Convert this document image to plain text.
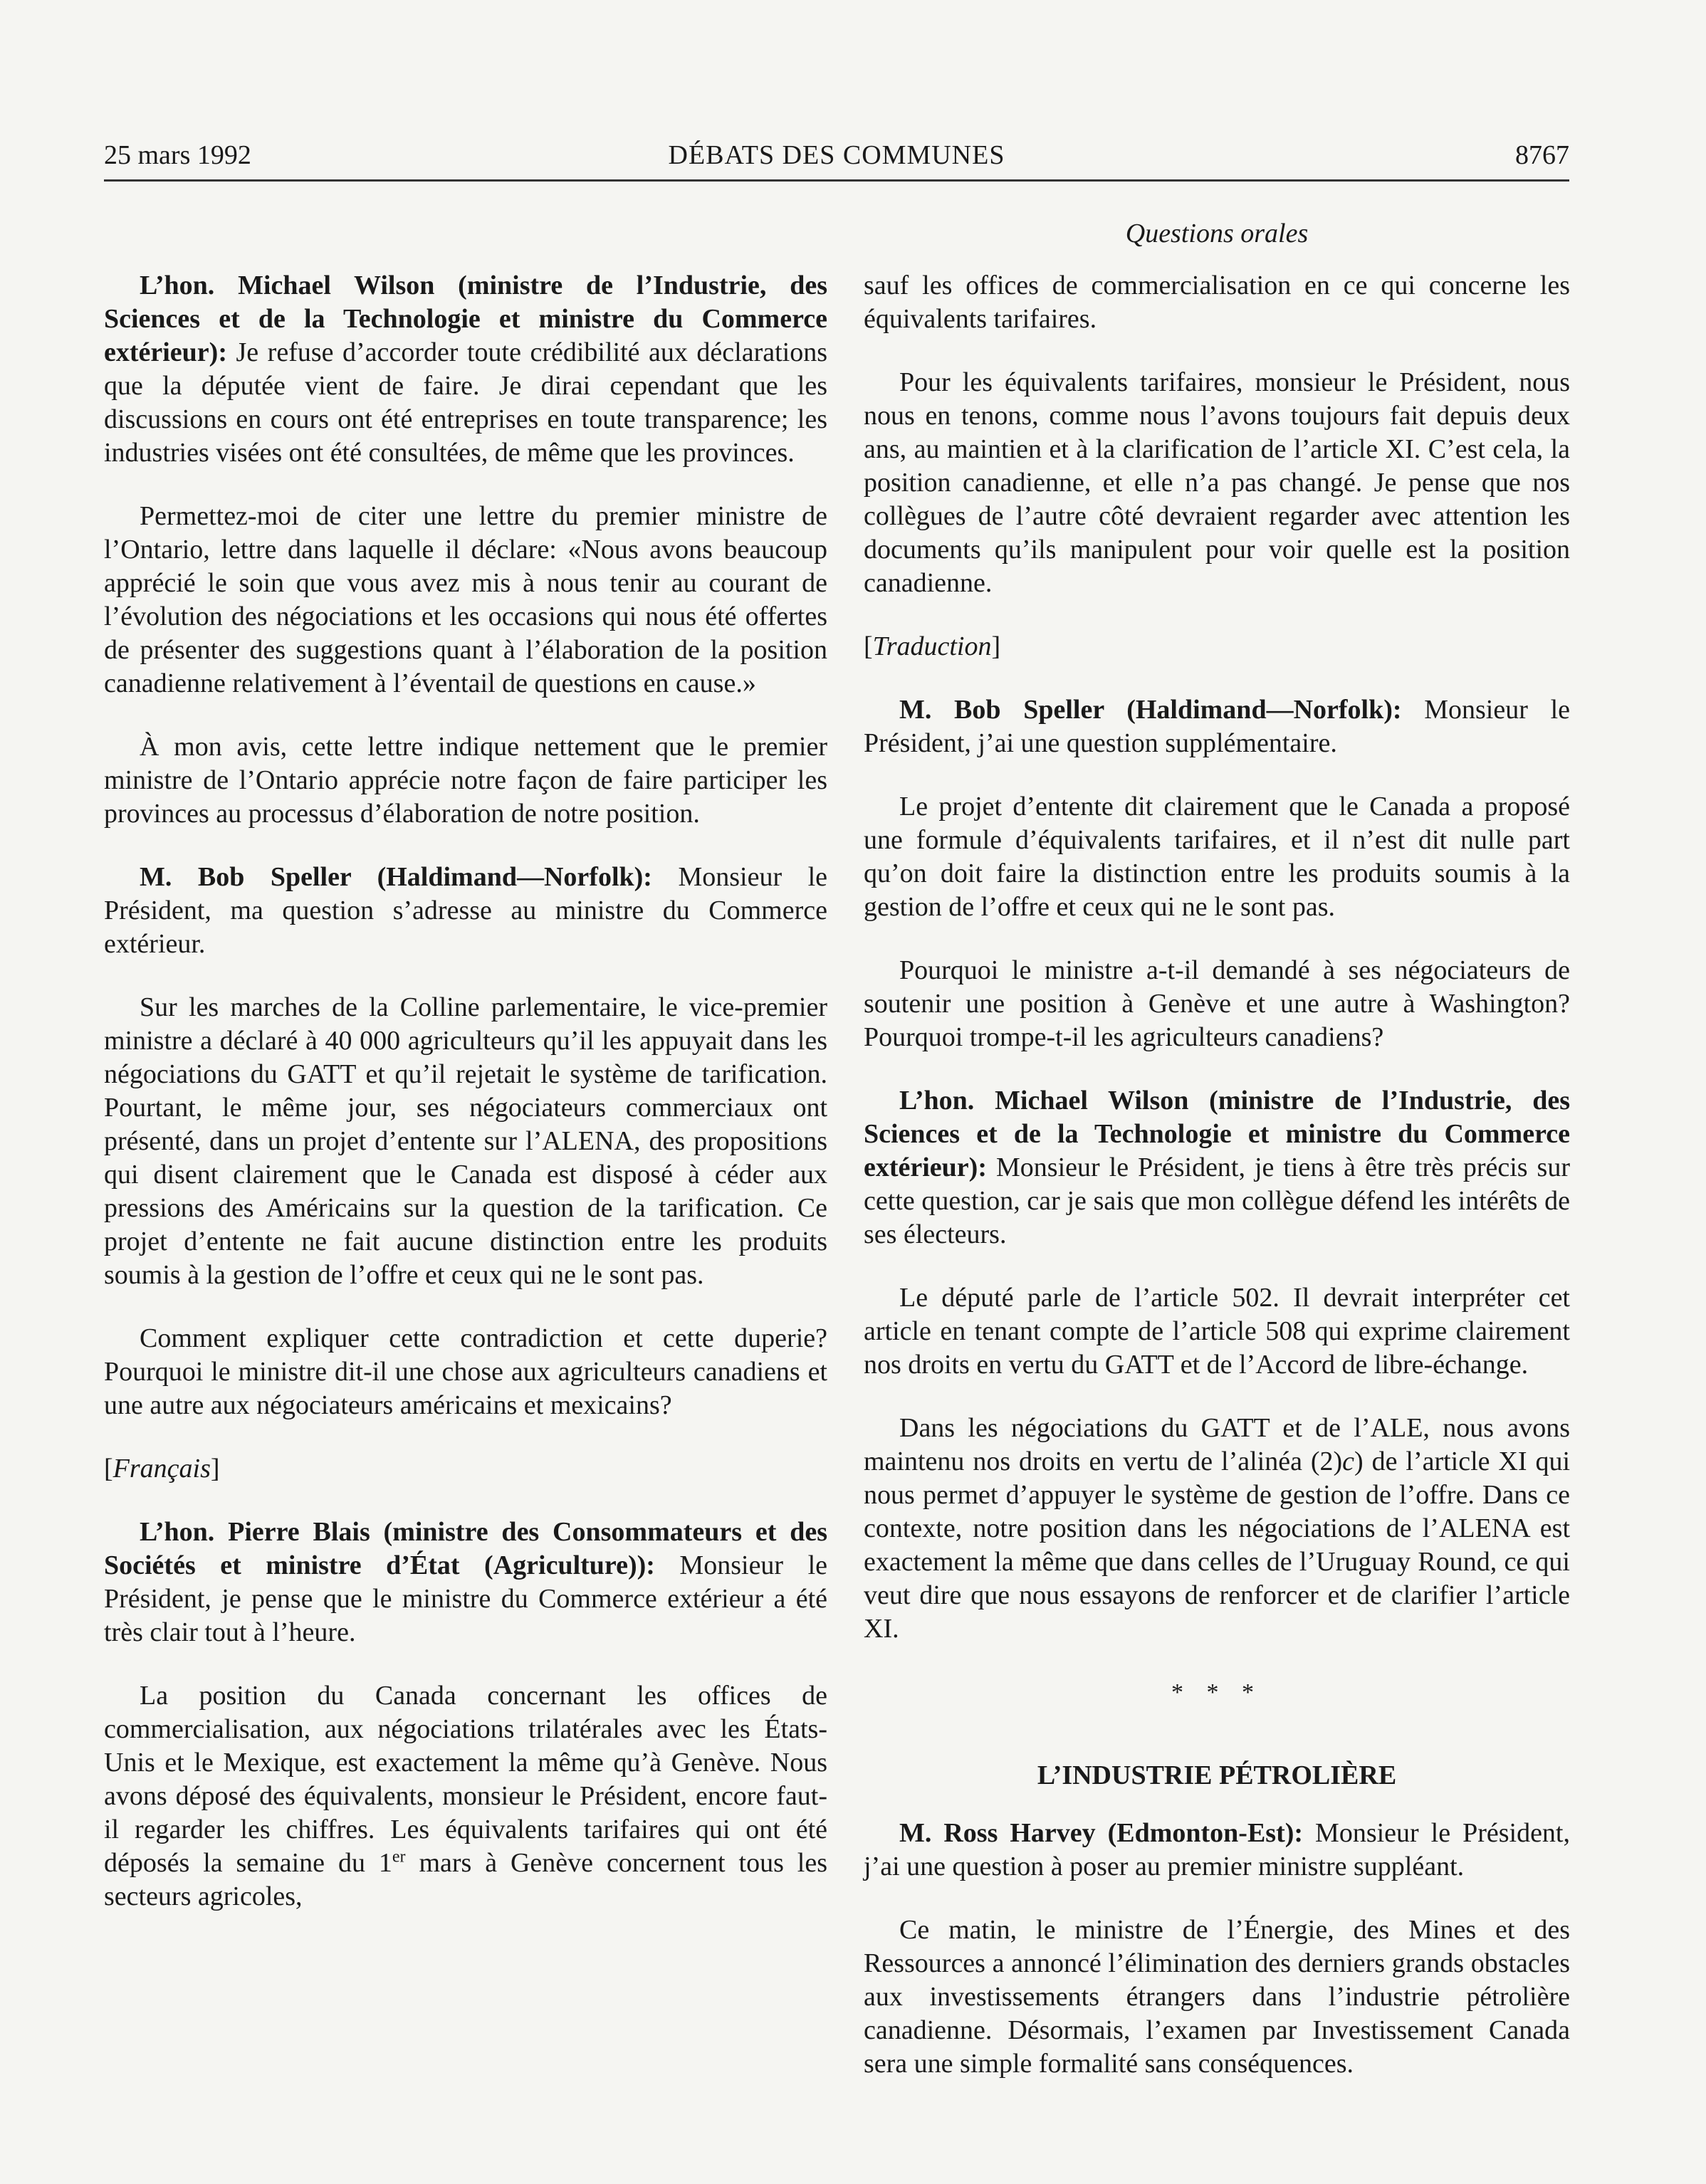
25 mars 1992	DÉBATS DES COMMUNES	8767
Questions orales

L’hon. Michael Wilson (ministre de l’Industrie, des Sciences et de la Technologie et ministre du Commerce extérieur): Je refuse d’accorder toute crédibilité aux déclarations que la députée vient de faire. Je dirai cependant que les discussions en cours ont été entreprises en toute transparence; les industries visées ont été consultées, de même que les provinces.

Permettez-moi de citer une lettre du premier ministre de l’Ontario, lettre dans laquelle il déclare: «Nous avons beaucoup apprécié le soin que vous avez mis à nous tenir au courant de l’évolution des négociations et les occasions qui nous été offertes de présenter des suggestions quant à l’élaboration de la position canadienne relativement à l’éventail de questions en cause.»

À mon avis, cette lettre indique nettement que le premier ministre de l’Ontario apprécie notre façon de faire participer les provinces au processus d’élaboration de notre position.

M. Bob Speller (Haldimand—Norfolk): Monsieur le Président, ma question s’adresse au ministre du Commerce extérieur.

Sur les marches de la Colline parlementaire, le vice-premier ministre a déclaré à 40 000 agriculteurs qu’il les appuyait dans les négociations du GATT et qu’il rejetait le système de tarification. Pourtant, le même jour, ses négociateurs commerciaux ont présenté, dans un projet d’entente sur l’ALENA, des propositions qui disent clairement que le Canada est disposé à céder aux pressions des Américains sur la question de la tarification. Ce projet d’entente ne fait aucune distinction entre les produits soumis à la gestion de l’offre et ceux qui ne le sont pas.

Comment expliquer cette contradiction et cette duperie? Pourquoi le ministre dit-il une chose aux agriculteurs canadiens et une autre aux négociateurs américains et mexicains?

[Français]

L’hon. Pierre Blais (ministre des Consommateurs et des Sociétés et ministre d’État (Agriculture)): Monsieur le Président, je pense que le ministre du Commerce extérieur a été très clair tout à l’heure.

La position du Canada concernant les offices de commercialisation, aux négociations trilatérales avec les États-Unis et le Mexique, est exactement la même qu’à Genève. Nous avons déposé des équivalents, monsieur le Président, encore faut-il regarder les chiffres. Les équivalents tarifaires qui ont été déposés la semaine du 1er mars à Genève concernent tous les secteurs agricoles,

sauf les offices de commercialisation en ce qui concerne les équivalents tarifaires.

Pour les équivalents tarifaires, monsieur le Président, nous nous en tenons, comme nous l’avons toujours fait depuis deux ans, au maintien et à la clarification de l’article XI. C’est cela, la position canadienne, et elle n’a pas changé. Je pense que nos collègues de l’autre côté devraient regarder avec attention les documents qu’ils manipulent pour voir quelle est la position canadienne.

[Traduction]

M. Bob Speller (Haldimand—Norfolk): Monsieur le Président, j’ai une question supplémentaire.

Le projet d’entente dit clairement que le Canada a proposé une formule d’équivalents tarifaires, et il n’est dit nulle part qu’on doit faire la distinction entre les produits soumis à la gestion de l’offre et ceux qui ne le sont pas.

Pourquoi le ministre a-t-il demandé à ses négociateurs de soutenir une position à Genève et une autre à Washington? Pourquoi trompe-t-il les agriculteurs canadiens?

L’hon. Michael Wilson (ministre de l’Industrie, des Sciences et de la Technologie et ministre du Commerce extérieur): Monsieur le Président, je tiens à être très précis sur cette question, car je sais que mon collègue défend les intérêts de ses électeurs.

Le député parle de l’article 502. Il devrait interpréter cet article en tenant compte de l’article 508 qui exprime clairement nos droits en vertu du GATT et de l’Accord de libre-échange.

Dans les négociations du GATT et de l’ALE, nous avons maintenu nos droits en vertu de l’alinéa (2)c) de l’article XI qui nous permet d’appuyer le système de gestion de l’offre. Dans ce contexte, notre position dans les négociations de l’ALENA est exactement la même que dans celles de l’Uruguay Round, ce qui veut dire que nous essayons de renforcer et de clarifier l’article XI.

* * *
L’INDUSTRIE PÉTROLIÈRE

M. Ross Harvey (Edmonton-Est): Monsieur le Président, j’ai une question à poser au premier ministre suppléant.

Ce matin, le ministre de l’Énergie, des Mines et des Ressources a annoncé l’élimination des derniers grands obstacles aux investissements étrangers dans l’industrie pétrolière canadienne. Désormais, l’examen par Investissement Canada sera une simple formalité sans conséquences.
